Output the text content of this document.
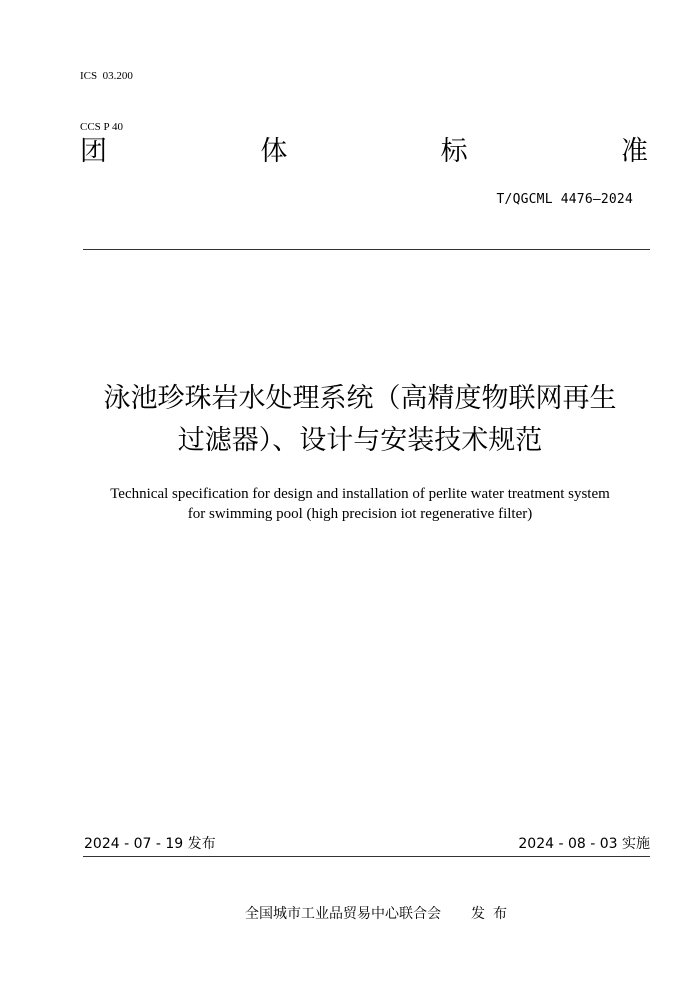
ICS  03.200

CCS P 40

团	体	标	准
T/QGCML 4476—2024
泳池珍珠岩水处理系统（高精度物联网再生
过滤器）、设计与安装技术规范
Technical specification for design and installation of perlite water treatment system
for swimming pool (high precision iot regenerative filter)
2024 - 07 - 19 发布	2024 - 08 - 03 实施
全国城市工业品贸易中心联合会 发布
